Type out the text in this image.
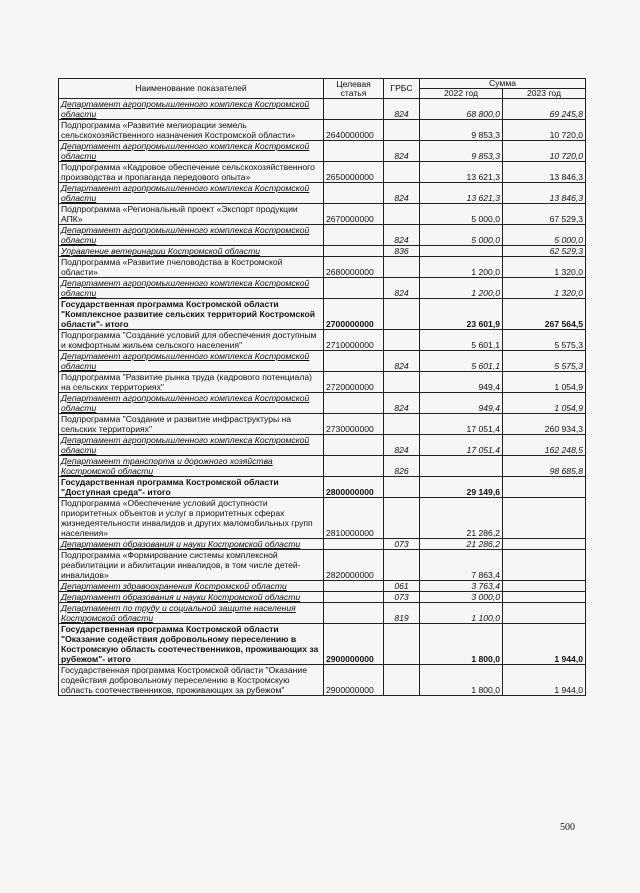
Наименование показателей	Целевая статья	ГРБС	Сумма	
			2022 год	2023 год
Департамент агропромышленного комплекса Костромской области		824	68 800,0	69 245,8
Подпрограмма «Развитие мелиорации земель сельскохозяйственного назначения Костромской области»	2640000000		9 853,3	10 720,0
Департамент агропромышленного комплекса Костромской области		824	9 853,3	10 720,0
Подпрограмма «Кадровое обеспечение сельскохозяйственного производства и пропаганда передового опыта»	2650000000		13 621,3	13 846,3
Департамент агропромышленного комплекса Костромской области		824	13 621,3	13 846,3
Подпрограмма «Региональный проект «Экспорт продукции АПК»	2670000000		5 000,0	67 529,3
Департамент агропромышленного комплекса Костромской области		824	5 000,0	5 000,0
Управление ветеринарии Костромской области		836		62 529,3
Подпрограмма «Развитие пчеловодства в Костромской области»	2680000000		1 200,0	1 320,0
Департамент агропромышленного комплекса Костромской области		824	1 200,0	1 320,0
Государственная программа Костромской области "Комплексное развитие сельских территорий Костромской области"- итого	2700000000		23 601,9	267 564,5
Подпрограмма "Создание условий для обеспечения доступным и комфортным жильем сельского населения"	2710000000		5 601,1	5 575,3
Департамент агропромышленного комплекса Костромской области		824	5 601,1	5 575,3
Подпрограмма "Развитие рынка труда (кадрового потенциала) на сельских территориях"	2720000000		949,4	1 054,9
Департамент агропромышленного комплекса Костромской области		824	949,4	1 054,9
Подпрограмма "Создание и развитие инфраструктуры на сельских территориях"	2730000000		17 051,4	260 934,3
Департамент агропромышленного комплекса Костромской области		824	17 051,4	162 248,5
Департамент транспорта и дорожного хозяйства Костромской области		826		98 685,8
Государственная программа Костромской области "Доступная среда"- итого	2800000000		29 149,6	
Подпрограмма «Обеспечение условий доступности приоритетных объектов и услуг в приоритетных сферах жизнедеятельности инвалидов и других маломобильных групп населения»	2810000000		21 286,2	
Департамент образования и науки Костромской области		073	21 286,2	
Подпрограмма «Формирование системы комплексной реабилитации и абилитации инвалидов, в том числе детей-инвалидов»	2820000000		7 863,4	
Департамент здравоохранения Костромской области		061	3 763,4	
Департамент образования и науки Костромской области		073	3 000,0	
Департамент по труду и социальной защите населения Костромской области		819	1 100,0	
Государственная программа Костромской области "Оказание содействия добровольному переселению в Костромскую область соотечественников, проживающих за рубежом"- итого	2900000000		1 800,0	1 944,0
Государственная программа Костромской области "Оказание содействия добровольному переселению в Костромскую область соотечественников, проживающих за рубежом"	2900000000		1 800,0	1 944,0
500
